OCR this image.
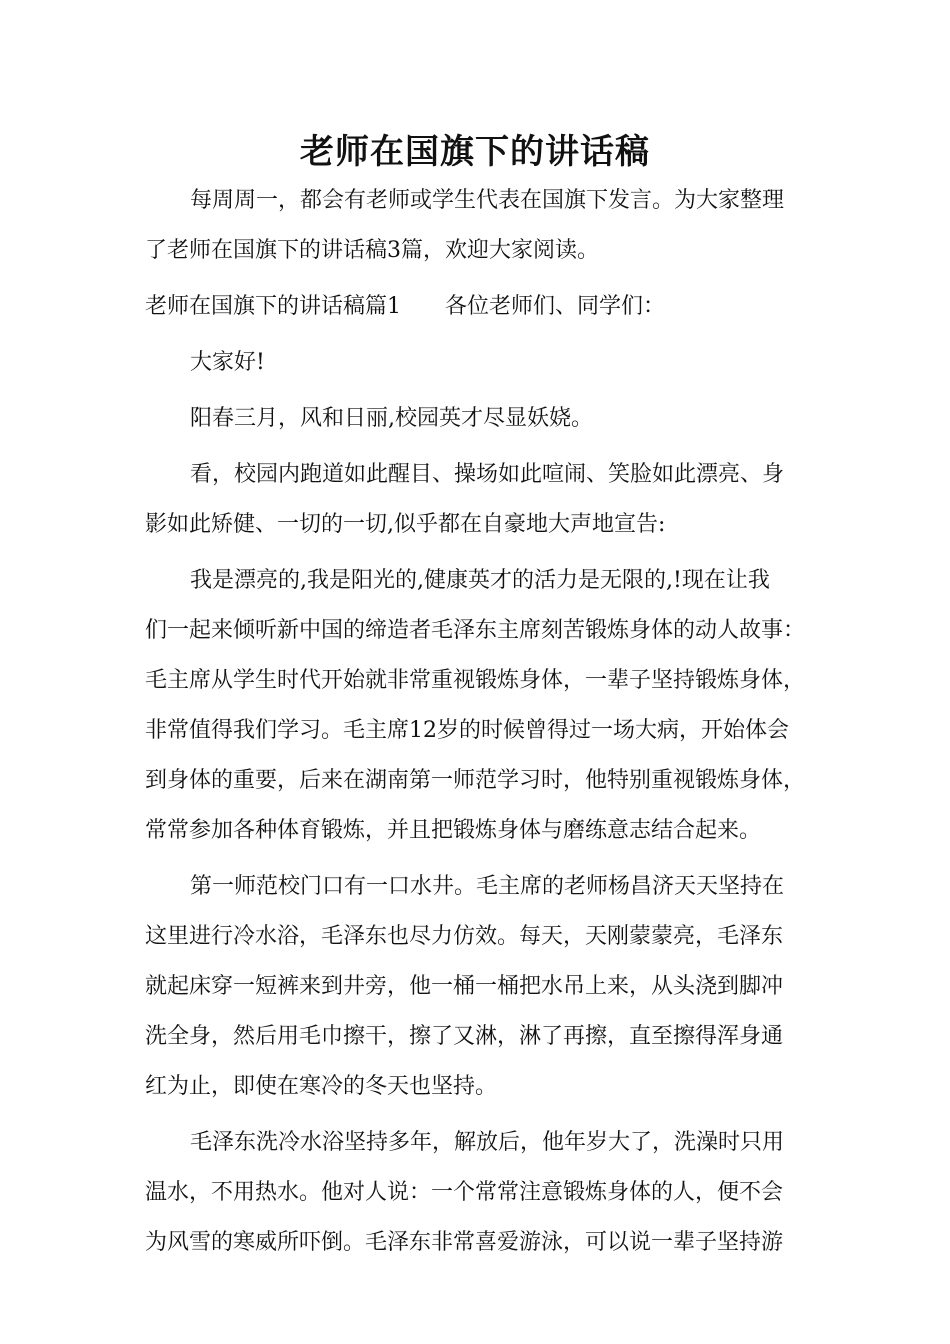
老师在国旗下的讲话稿
每周周一，都会有老师或学生代表在国旗下发言。为大家整理
了老师在国旗下的讲话稿3篇，欢迎大家阅读。
老师在国旗下的讲话稿篇1 各位老师们、同学们：
大家好!
阳春三月，风和日丽,校园英才尽显妖娆。
看，校园内跑道如此醒目、操场如此喧闹、笑脸如此漂亮、身
影如此矫健、一切的一切,似乎都在自豪地大声地宣告:
我是漂亮的,我是阳光的,健康英才的活力是无限的,!现在让我
们一起来倾听新中国的缔造者毛泽东主席刻苦锻炼身体的动人故事：
毛主席从学生时代开始就非常重视锻炼身体，一辈子坚持锻炼身体，
非常值得我们学习。毛主席12岁的时候曾得过一场大病，开始体会
到身体的重要，后来在湖南第一师范学习时，他特别重视锻炼身体，
常常参加各种体育锻炼，并且把锻炼身体与磨练意志结合起来。
第一师范校门口有一口水井。毛主席的老师杨昌济天天坚持在
这里进行冷水浴，毛泽东也尽力仿效。每天，天刚蒙蒙亮，毛泽东
就起床穿一短裤来到井旁，他一桶一桶把水吊上来，从头浇到脚冲
洗全身，然后用毛巾擦干，擦了又淋，淋了再擦，直至擦得浑身通
红为止，即使在寒冷的冬天也坚持。
毛泽东洗冷水浴坚持多年，解放后，他年岁大了，洗澡时只用
温水，不用热水。他对人说：一个常常注意锻炼身体的人，便不会
为风雪的寒威所吓倒。毛泽东非常喜爱游泳，可以说一辈子坚持游
